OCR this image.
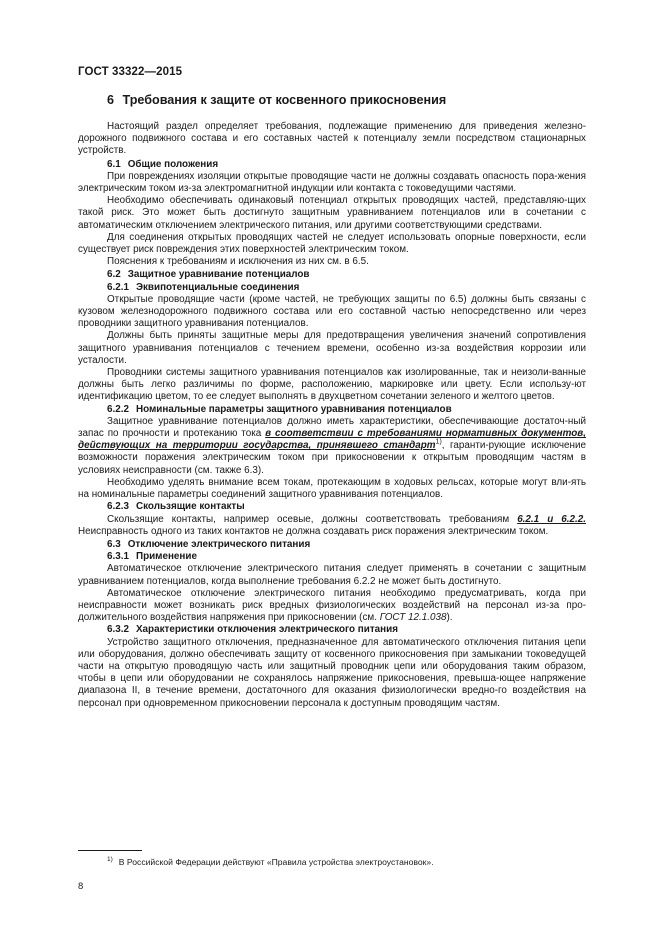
ГОСТ 33322—2015
6 Требования к защите от косвенного прикосновения

Настоящий раздел определяет требования, подлежащие применению для приведения железно-дорожного подвижного состава и его составных частей к потенциалу земли посредством стационарных устройств.

6.1 Общие положения

При повреждениях изоляции открытые проводящие части не должны создавать опасность пора-жения электрическим током из-за электромагнитной индукции или контакта с токоведущими частями.

Необходимо обеспечивать одинаковый потенциал открытых проводящих частей, представляю-щих такой риск. Это может быть достигнуто защитным уравниванием потенциалов или в сочетании с автоматическим отключением электрического питания, или другими соответствующими средствами.

Для соединения открытых проводящих частей не следует использовать опорные поверхности, если существует риск повреждения этих поверхностей электрическим током.

Пояснения к требованиям и исключения из них см. в 6.5.

6.2 Защитное уравнивание потенциалов
6.2.1 Эквипотенциальные соединения

Открытые проводящие части (кроме частей, не требующих защиты по 6.5) должны быть связаны с кузовом железнодорожного подвижного состава или его составной частью непосредственно или через проводники защитного уравнивания потенциалов.

Должны быть приняты защитные меры для предотвращения увеличения значений сопротивления защитного уравнивания потенциалов с течением времени, особенно из-за воздействия коррозии или усталости.

Проводники системы защитного уравнивания потенциалов как изолированные, так и неизоли-ванные должны быть легко различимы по форме, расположению, маркировке или цвету. Если использу-ют идентификацию цветом, то ее следует выполнять в двухцветном сочетании зеленого и желтого цветов.

6.2.2 Номинальные параметры защитного уравнивания потенциалов

Защитное уравнивание потенциалов должно иметь характеристики, обеспечивающие достаточ-ный запас по прочности и протеканию тока в соответствии с требованиями нормативных документов, действующих на территории государства, принявшего стандарт$^{1)}$, гаранти-рующие исключение возможности поражения электрическим током при прикосновении к открытым проводящим частям в условиях неисправности (см. также 6.3).

Необходимо уделять внимание всем токам, протекающим в ходовых рельсах, которые могут вли-ять на номинальные параметры соединений защитного уравнивания потенциалов.

6.2.3 Скользящие контакты

Скользящие контакты, например осевые, должны соответствовать требованиям 6.2.1 и 6.2.2. Неисправность одного из таких контактов не должна создавать риск поражения электрическим током.

6.3 Отключение электрического питания
6.3.1 Применение

Автоматическое отключение электрического питания следует применять в сочетании с защитным уравниванием потенциалов, когда выполнение требования 6.2.2 не может быть достигнуто.

Автоматическое отключение электрического питания необходимо предусматривать, когда при неисправности может возникать риск вредных физиологических воздействий на персонал из-за про-должительного воздействия напряжения при прикосновении (см. ГОСТ 12.1.038).

6.3.2 Характеристики отключения электрического питания

Устройство защитного отключения, предназначенное для автоматического отключения питания цепи или оборудования, должно обеспечивать защиту от косвенного прикосновения при замыкании токоведущей части на открытую проводящую часть или защитный проводник цепи или оборудования таким образом, чтобы в цепи или оборудовании не сохранялось напряжение прикосновения, превыша-ющее напряжение диапазона II, в течение времени, достаточного для оказания физиологически вредно-го воздействия на персонал при одновременном прикосновении персонала к доступным проводящим частям.

$^{1)}$ В Российской Федерации действуют «Правила устройства электроустановок».
8
